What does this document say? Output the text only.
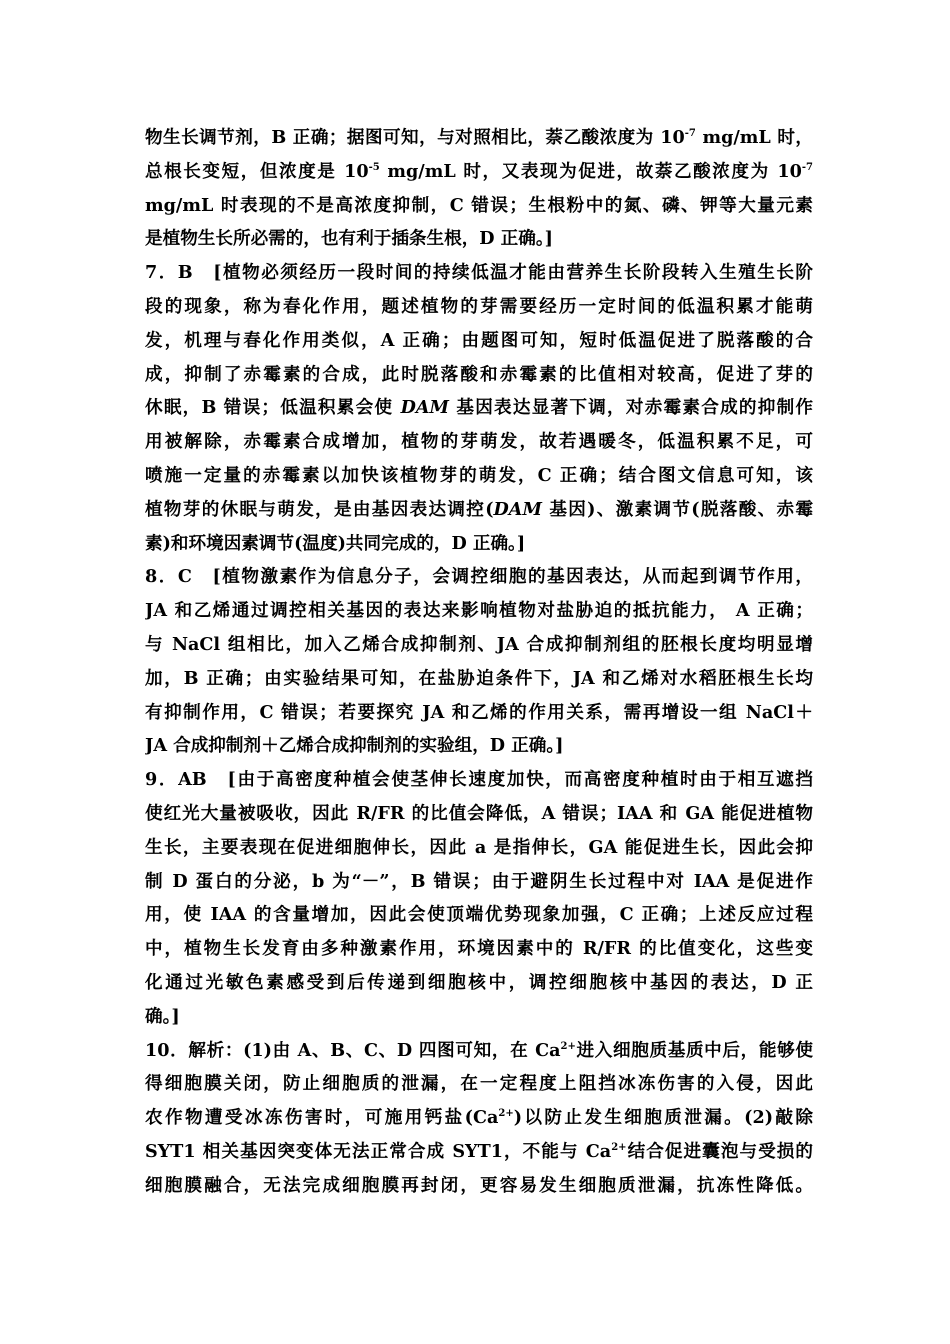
物生长调节剂，B 正确；据图可知，与对照相比，萘乙酸浓度为 $10^{-7}$ mg/mL 时，
总根长变短，但浓度是 $10^{-5}$ mg/mL 时，又表现为促进，故萘乙酸浓度为 $10^{-7}$
mg/mL 时表现的不是高浓度抑制，C 错误；生根粉中的氮、磷、钾等大量元素
是植物生长所必需的，也有利于插条生根，D 正确。]
7．B　[植物必须经历一段时间的持续低温才能由营养生长阶段转入生殖生长阶
段的现象，称为春化作用，题述植物的芽需要经历一定时间的低温积累才能萌
发，机理与春化作用类似，A 正确；由题图可知，短时低温促进了脱落酸的合
成，抑制了赤霉素的合成，此时脱落酸和赤霉素的比值相对较高，促进了芽的
休眠，B 错误；低温积累会使 DAM 基因表达显著下调，对赤霉素合成的抑制作
用被解除，赤霉素合成增加，植物的芽萌发，故若遇暖冬，低温积累不足，可
喷施一定量的赤霉素以加快该植物芽的萌发，C 正确；结合图文信息可知，该
植物芽的休眠与萌发，是由基因表达调控(DAM 基因)、激素调节(脱落酸、赤霉
素)和环境因素调节(温度)共同完成的，D 正确。]
8．C　[植物激素作为信息分子，会调控细胞的基因表达，从而起到调节作用，
JA 和乙烯通过调控相关基因的表达来影响植物对盐胁迫的抵抗能力， A 正确；
与 NaCl 组相比，加入乙烯合成抑制剂、JA 合成抑制剂组的胚根长度均明显增
加，B 正确；由实验结果可知，在盐胁迫条件下，JA 和乙烯对水稻胚根生长均
有抑制作用，C 错误；若要探究 JA 和乙烯的作用关系，需再增设一组 NaCl＋
JA 合成抑制剂＋乙烯合成抑制剂的实验组，D 正确。]
9．AB　[由于高密度种植会使茎伸长速度加快，而高密度种植时由于相互遮挡
使红光大量被吸收，因此 R/FR 的比值会降低，A 错误；IAA 和 GA 能促进植物
生长，主要表现在促进细胞伸长，因此 a 是指伸长，GA 能促进生长，因此会抑
制 D 蛋白的分泌，b 为“－”，B 错误；由于避阴生长过程中对 IAA 是促进作
用，使 IAA 的含量增加，因此会使顶端优势现象加强，C 正确；上述反应过程
中，植物生长发育由多种激素作用，环境因素中的 R/FR 的比值变化，这些变
化通过光敏色素感受到后传递到细胞核中，调控细胞核中基因的表达，D 正
确。]
10．解析：(1)由 A、B、C、D 四图可知，在 $Ca^{2+}$进入细胞质基质中后，能够使
得细胞膜关闭，防止细胞质的泄漏，在一定程度上阻挡冰冻伤害的入侵，因此
农作物遭受冰冻伤害时，可施用钙盐$(Ca^{2+})$以防止发生细胞质泄漏。(2)敲除
SYT1 相关基因突变体无法正常合成 SYT1，不能与 $Ca^{2+}$结合促进囊泡与受损的
细胞膜融合，无法完成细胞膜再封闭，更容易发生细胞质泄漏，抗冻性降低。
